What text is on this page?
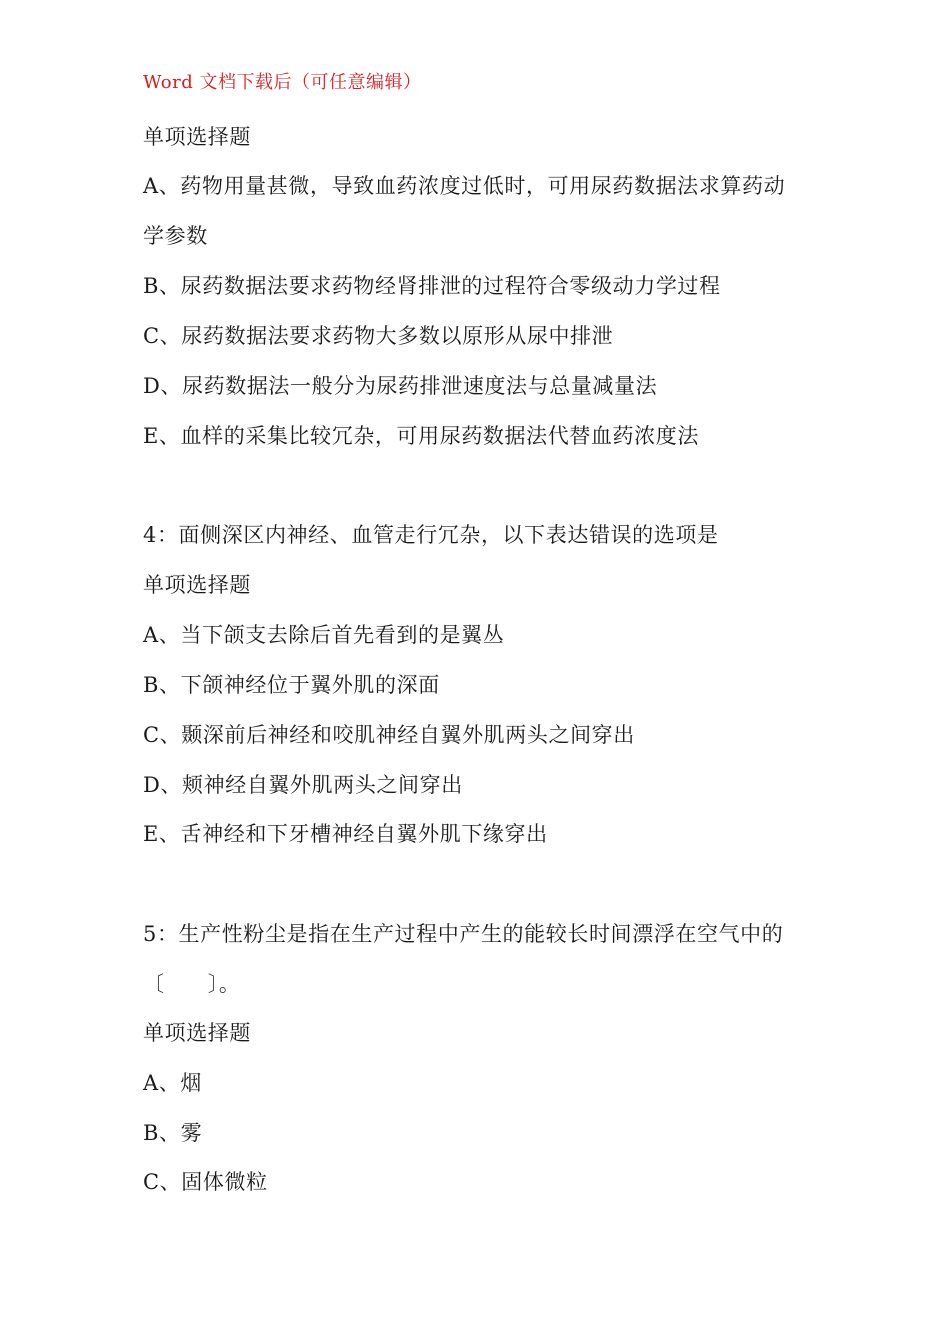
Word 文档下载后（可任意编辑）
单项选择题
A、药物用量甚微，导致血药浓度过低时，可用尿药数据法求算药动
学参数
B、尿药数据法要求药物经肾排泄的过程符合零级动力学过程
C、尿药数据法要求药物大多数以原形从尿中排泄
D、尿药数据法一般分为尿药排泄速度法与总量减量法
E、血样的采集比较冗杂，可用尿药数据法代替血药浓度法
4：面侧深区内神经、血管走行冗杂，以下表达错误的选项是
单项选择题
A、当下颌支去除后首先看到的是翼丛
B、下颌神经位于翼外肌的深面
C、颞深前后神经和咬肌神经自翼外肌两头之间穿出
D、颊神经自翼外肌两头之间穿出
E、舌神经和下牙槽神经自翼外肌下缘穿出
5：生产性粉尘是指在生产过程中产生的能较长时间漂浮在空气中的
〔　　〕。
单项选择题
A、烟
B、雾
C、固体微粒
